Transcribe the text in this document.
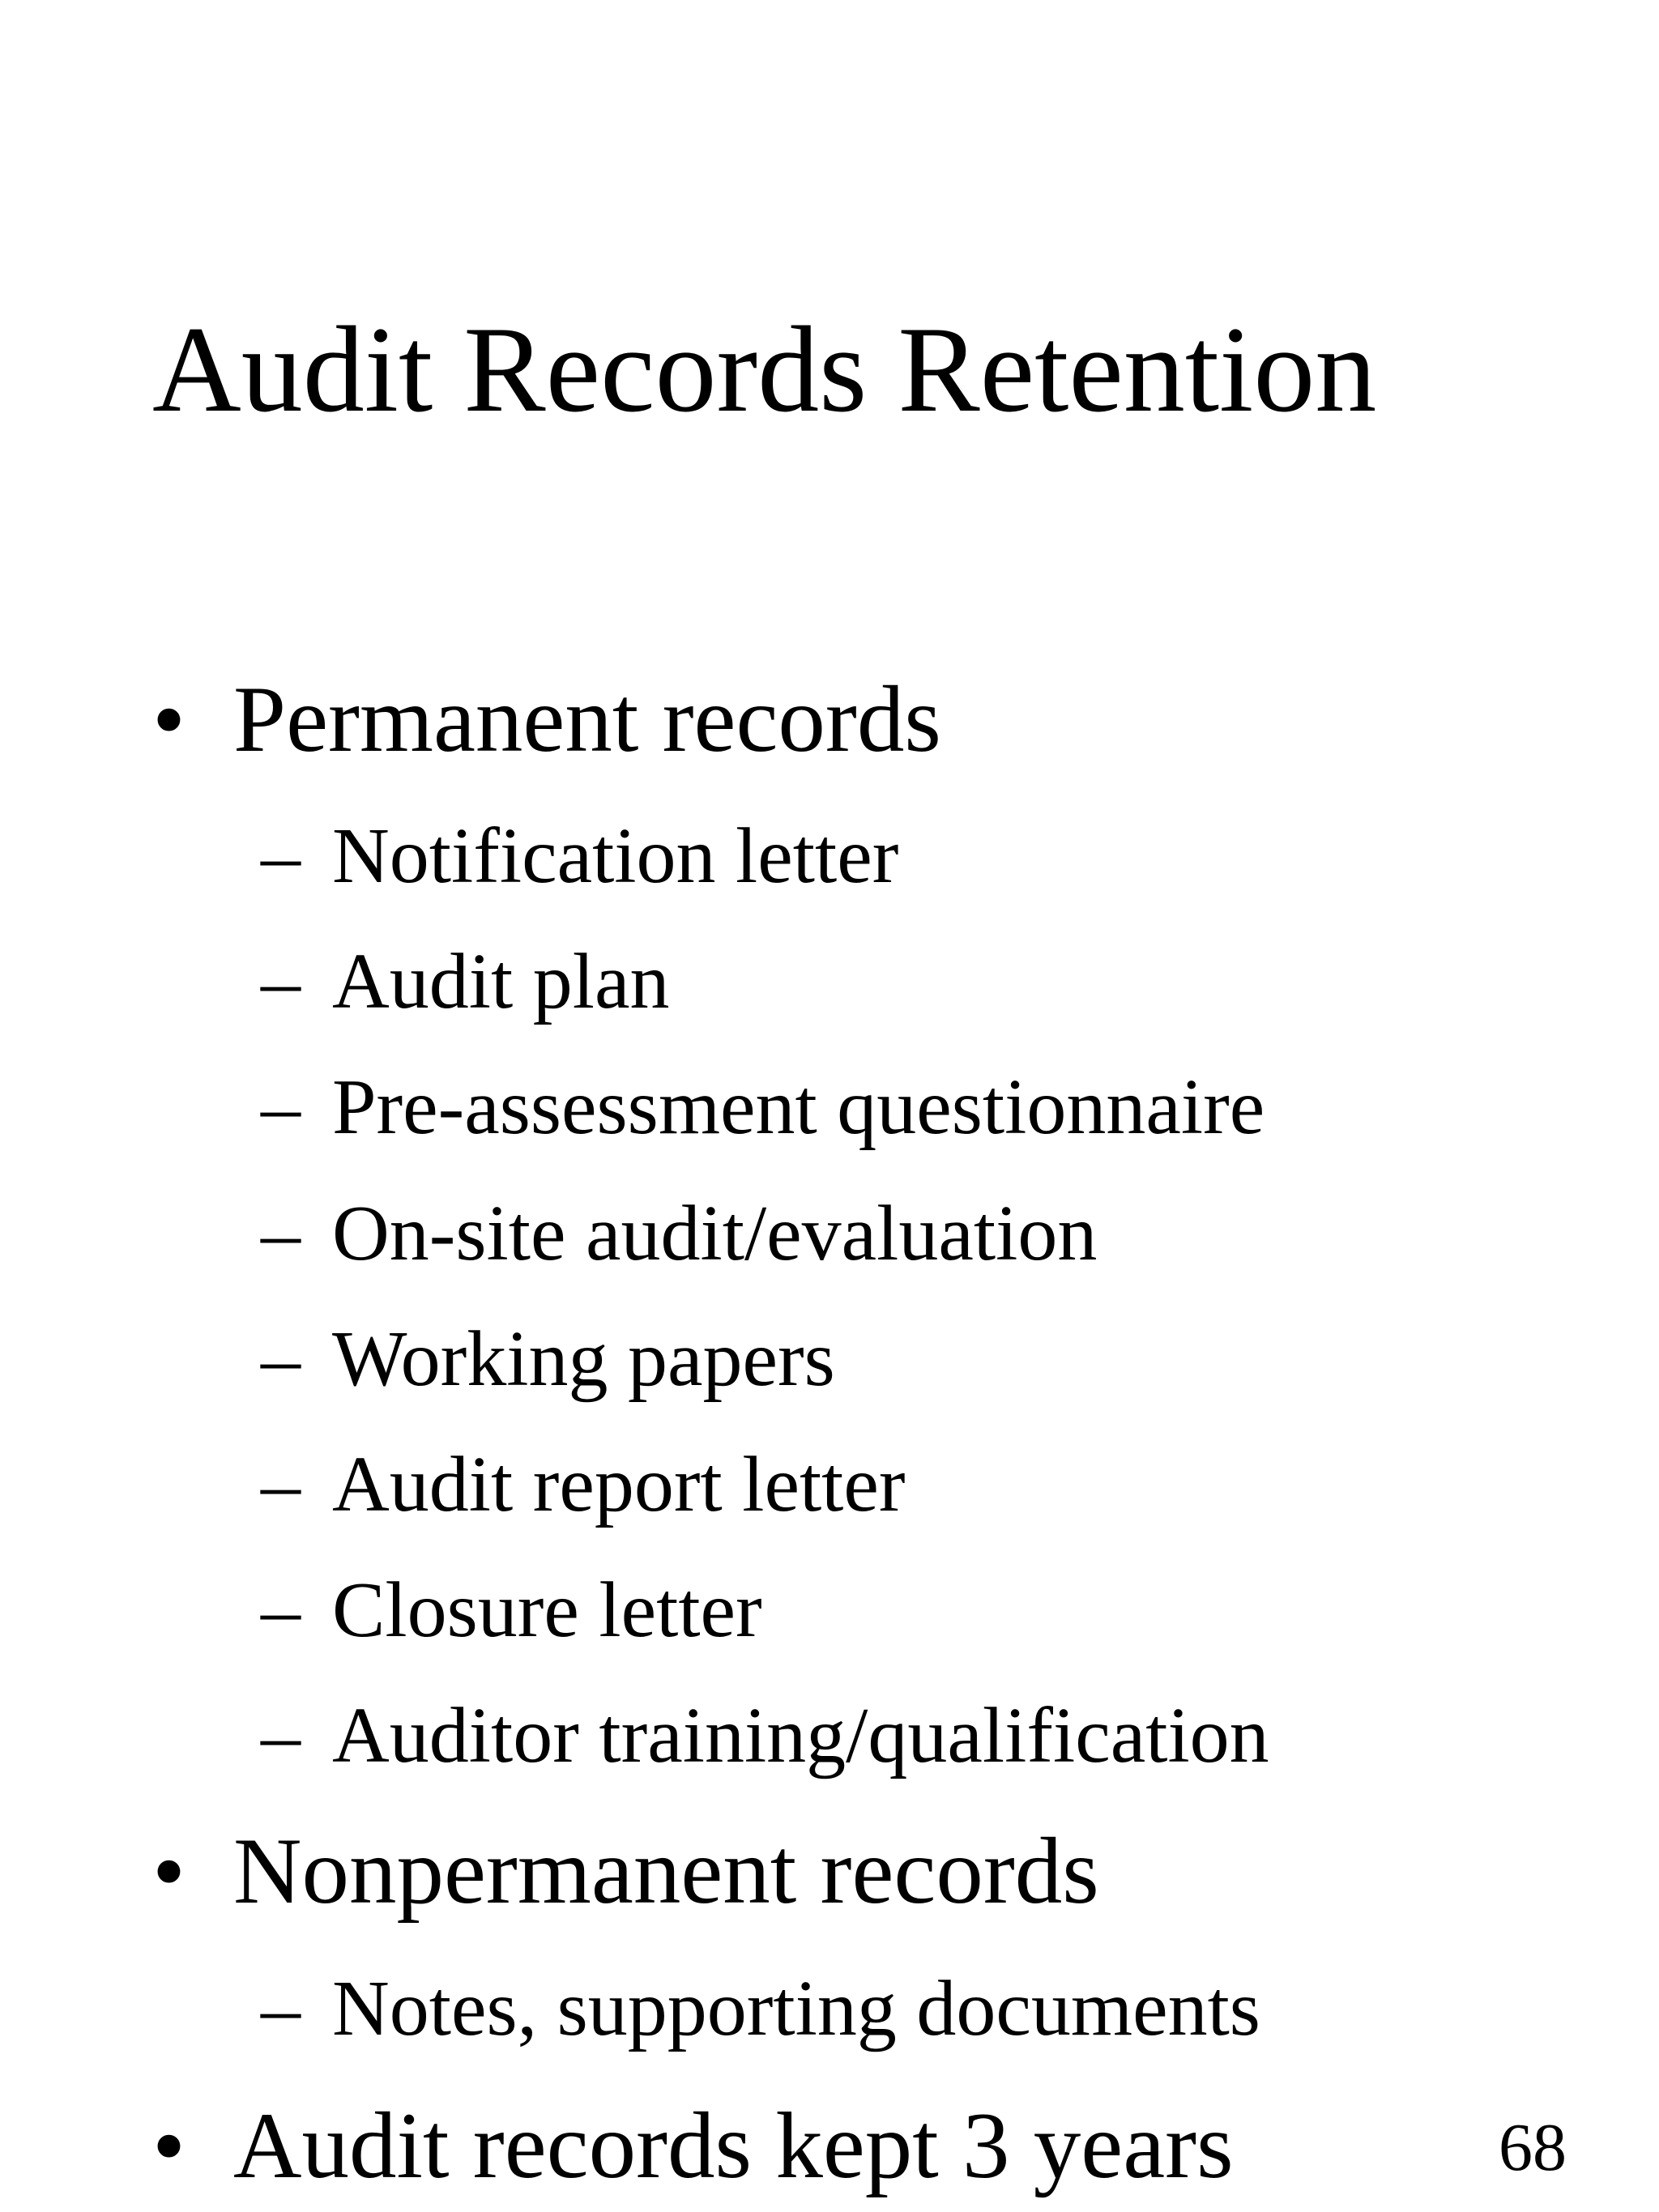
Audit Records Retention
• Permanent records
– Notification letter
– Audit plan
– Pre-assessment questionnaire
– On-site audit/evaluation
– Working papers
– Audit report letter
– Closure letter
– Auditor training/qualification
• Nonpermanent records
– Notes, supporting documents
• Audit records kept 3 years	68
